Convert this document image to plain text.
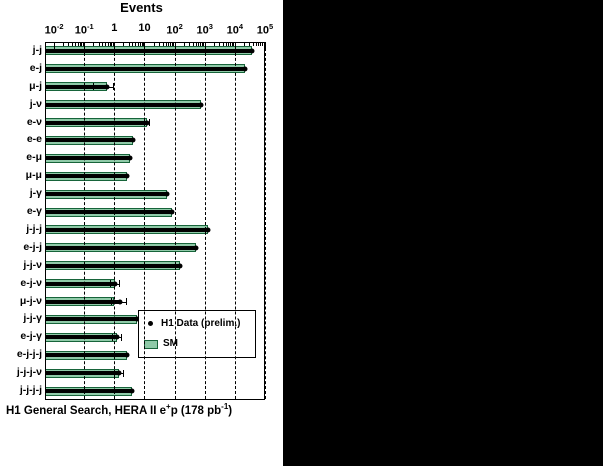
Events
j-j
e-j
μ-j
j-ν
e-ν
e-e
e-μ
μ-μ
j-γ
e-γ
j-j-j
e-j-j
j-j-ν
e-j-ν
μ-j-ν
j-j-γ
e-j-γ
e-j-j-j
j-j-j-ν
j-j-j-j
H1 Data (prelim.)
SM
H1 General Search, HERA II e+p (178 $pb^{-1}$)
$10^{-2}$ $10^{-1}$ 1 10 $10^2$ $10^3$ $10^4$ $10^5$
